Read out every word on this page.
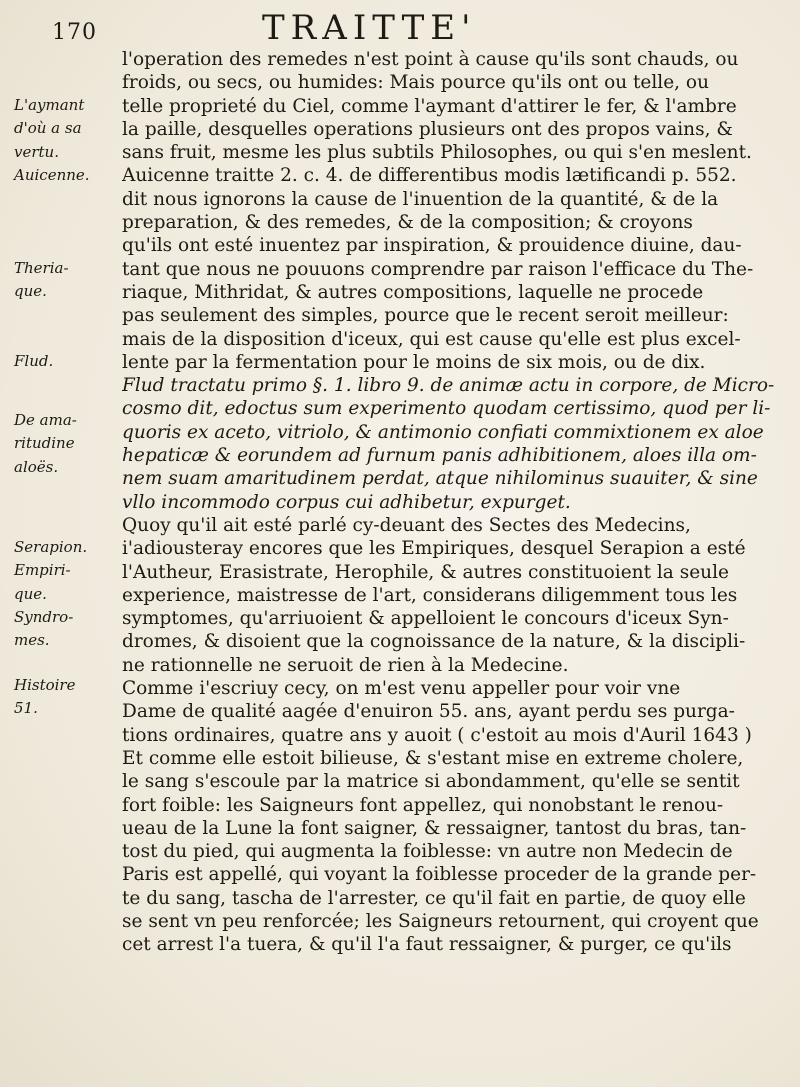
170	TRAITTE'
L'aymant
d'où a sa
vertu.
Auicenne.
Theria-
que.
Flud.
De ama-
ritudine
aloës.
Serapion.
Empiri-
que.
Syndro-
mes.
Histoire
51.
l'operation des remedes n'est point à cause qu'ils sont chauds, ou
froids, ou secs, ou humides: Mais pource qu'ils ont ou telle, ou
telle proprieté du Ciel, comme l'aymant d'attirer le fer, & l'ambre
la paille, desquelles operations plusieurs ont des propos vains, &
sans fruit, mesme les plus subtils Philosophes, ou qui s'en meslent.
Auicenne traitte 2. c. 4. de differentibus modis lætificandi p. 552.
dit nous ignorons la cause de l'inuention de la quantité, & de la
preparation, & des remedes, & de la composition; & croyons
qu'ils ont esté inuentez par inspiration, & prouidence diuine, dau-
tant que nous ne pouuons comprendre par raison l'efficace du The-
riaque, Mithridat, & autres compositions, laquelle ne procede
pas seulement des simples, pource que le recent seroit meilleur:
mais de la disposition d'iceux, qui est cause qu'elle est plus excel-
lente par la fermentation pour le moins de six mois, ou de dix.
Flud tractatu primo §. 1. libro 9. de animæ actu in corpore, de Micro-
cosmo dit, edoctus sum experimento quodam certissimo, quod per li-
quoris ex aceto, vitriolo, & antimonio confiati commixtionem ex aloe
hepaticæ & eorundem ad furnum panis adhibitionem, aloes illa om-
nem suam amaritudinem perdat, atque nihilominus suauiter, & sine
vllo incommodo corpus cui adhibetur, expurget.
Quoy qu'il ait esté parlé cy-deuant des Sectes des Medecins,
i'adiousteray encores que les Empiriques, desquel Serapion a esté
l'Autheur, Erasistrate, Herophile, & autres constituoient la seule
experience, maistresse de l'art, considerans diligemment tous les
symptomes, qu'arriuoient & appelloient le concours d'iceux Syn-
dromes, & disoient que la cognoissance de la nature, & la discipli-
ne rationnelle ne seruoit de rien à la Medecine.
Comme i'escriuy cecy, on m'est venu appeller pour voir vne
Dame de qualité aagée d'enuiron 55. ans, ayant perdu ses purga-
tions ordinaires, quatre ans y auoit ( c'estoit au mois d'Auril 1643 )
Et comme elle estoit bilieuse, & s'estant mise en extreme cholere,
le sang s'escoule par la matrice si abondamment, qu'elle se sentit
fort foible: les Saigneurs font appellez, qui nonobstant le renou-
ueau de la Lune la font saigner, & ressaigner, tantost du bras, tan-
tost du pied, qui augmenta la foiblesse: vn autre non Medecin de
Paris est appellé, qui voyant la foiblesse proceder de la grande per-
te du sang, tascha de l'arrester, ce qu'il fait en partie, de quoy elle
se sent vn peu renforcée; les Saigneurs retournent, qui croyent que
cet arrest l'a tuera, & qu'il l'a faut ressaigner, & purger, ce qu'ils
